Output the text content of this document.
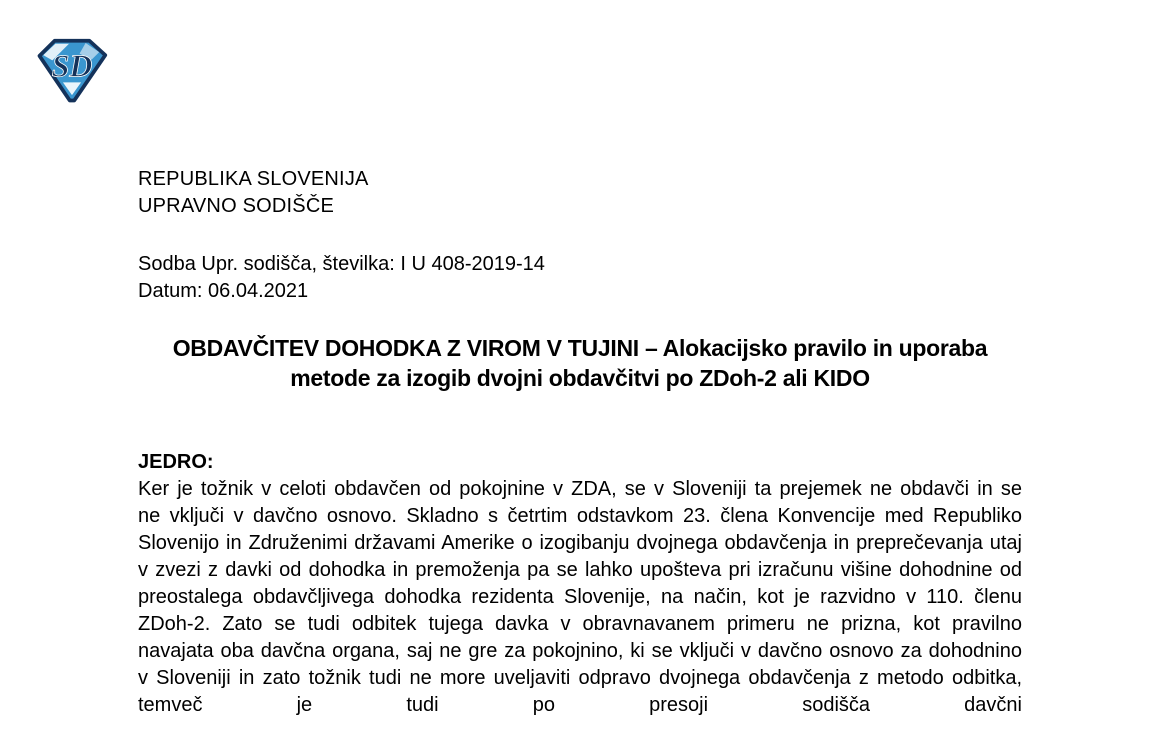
SD
REPUBLIKA SLOVENIJA
UPRAVNO SODIŠČE
Sodba Upr. sodišča, številka: I U 408-2019-14
Datum: 06.04.2021
OBDAVČITEV DOHODKA Z VIROM V TUJINI – Alokacijsko pravilo in uporaba metode za izogib dvojni obdavčitvi po ZDoh-2 ali KIDO
JEDRO:

Ker je tožnik v celoti obdavčen od pokojnine v ZDA, se v Sloveniji ta prejemek ne obdavči in se ne vključi v davčno osnovo. Skladno s četrtim odstavkom 23. člena Konvencije med Republiko Slovenijo in Združenimi državami Amerike o izogibanju dvojnega obdavčenja in preprečevanja utaj v zvezi z davki od dohodka in premoženja pa se lahko upošteva pri izračunu višine dohodnine od preostalega obdavčljivega dohodka rezidenta Slovenije, na način, kot je razvidno v 110. členu ZDoh-2. Zato se tudi odbitek tujega davka v obravnavanem primeru ne prizna, kot pravilno navajata oba davčna organa, saj ne gre za pokojnino, ki se vključi v davčno osnovo za dohodnino v Sloveniji in zato tožnik tudi ne more uveljaviti odpravo dvojnega obdavčenja z metodo odbitka, temveč je tudi po presoji sodišča davčni
